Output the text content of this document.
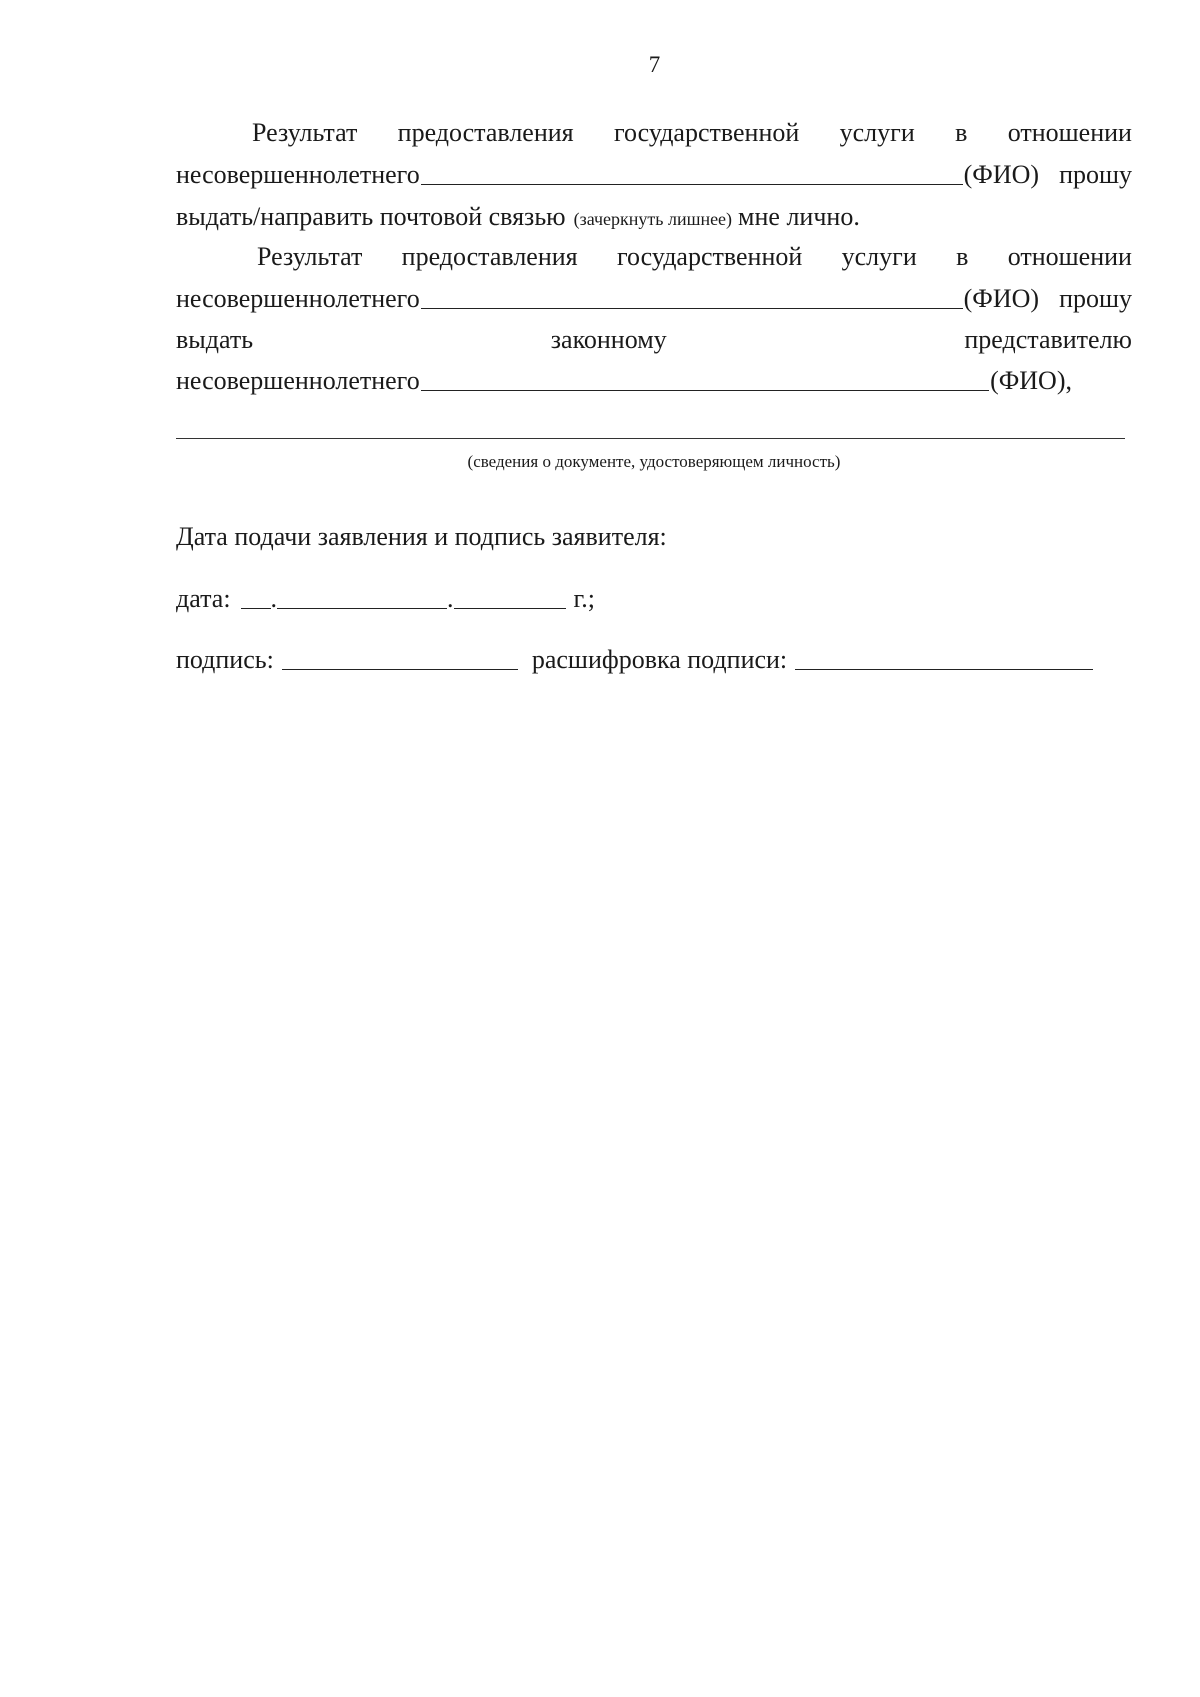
7
Результат предоставления государственной услуги в отношении
несовершеннолетнего	(ФИО) прошу
выдать/направить почтовой связью (зачеркнуть лишнее) мне лично.
Результат предоставления государственной услуги в отношении
несовершеннолетнего	(ФИО) прошу
выдать	законному	представителю
несовершеннолетнего	(ФИО),
(сведения о документе, удостоверяющем личность)
Дата подачи заявления и подпись заявителя:
дата: .	.	г.;
подпись:	расшифровка подписи:
